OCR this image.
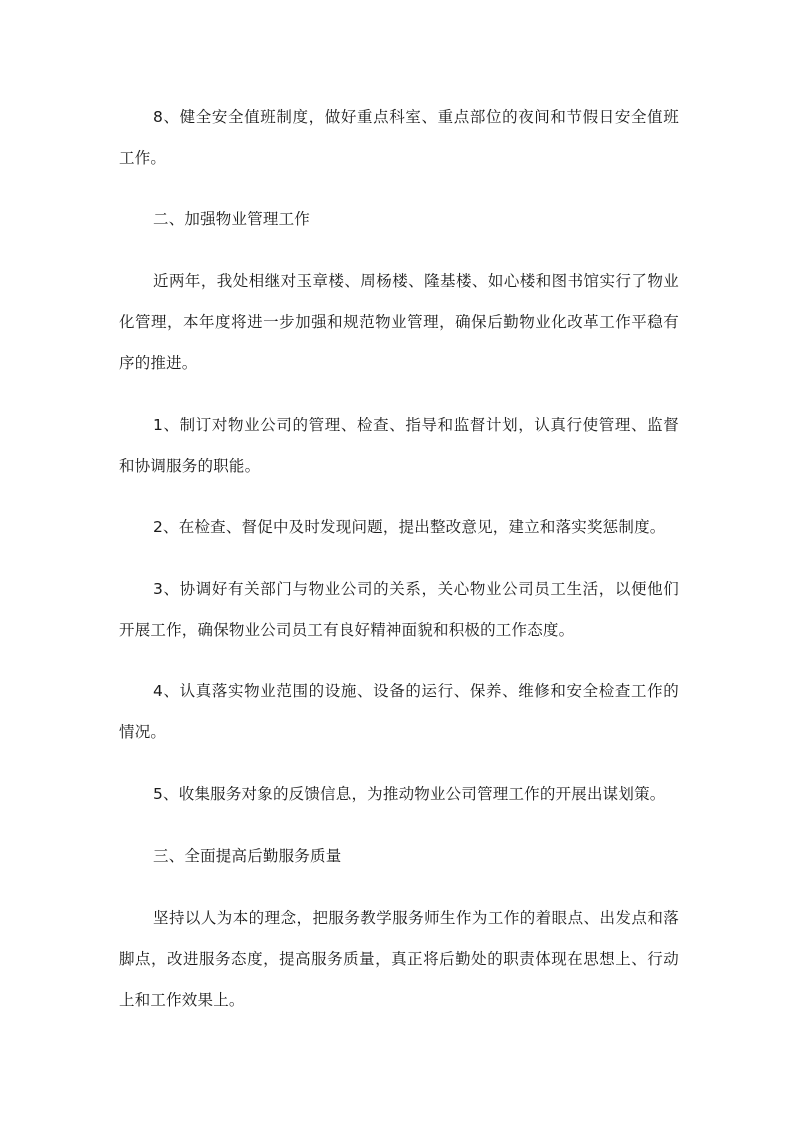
8、健全安全值班制度，做好重点科室、重点部位的夜间和节假日安全值班工作。

二、加强物业管理工作

近两年，我处相继对玉章楼、周杨楼、隆基楼、如心楼和图书馆实行了物业化管理，本年度将进一步加强和规范物业管理，确保后勤物业化改革工作平稳有序的推进。

1、制订对物业公司的管理、检查、指导和监督计划，认真行使管理、监督和协调服务的职能。

2、在检查、督促中及时发现问题，提出整改意见，建立和落实奖惩制度。

3、协调好有关部门与物业公司的关系，关心物业公司员工生活，以便他们开展工作，确保物业公司员工有良好精神面貌和积极的工作态度。

4、认真落实物业范围的设施、设备的运行、保养、维修和安全检查工作的情况。

5、收集服务对象的反馈信息，为推动物业公司管理工作的开展出谋划策。

三、全面提高后勤服务质量

坚持以人为本的理念，把服务教学服务师生作为工作的着眼点、出发点和落脚点，改进服务态度，提高服务质量，真正将后勤处的职责体现在思想上、行动上和工作效果上。
